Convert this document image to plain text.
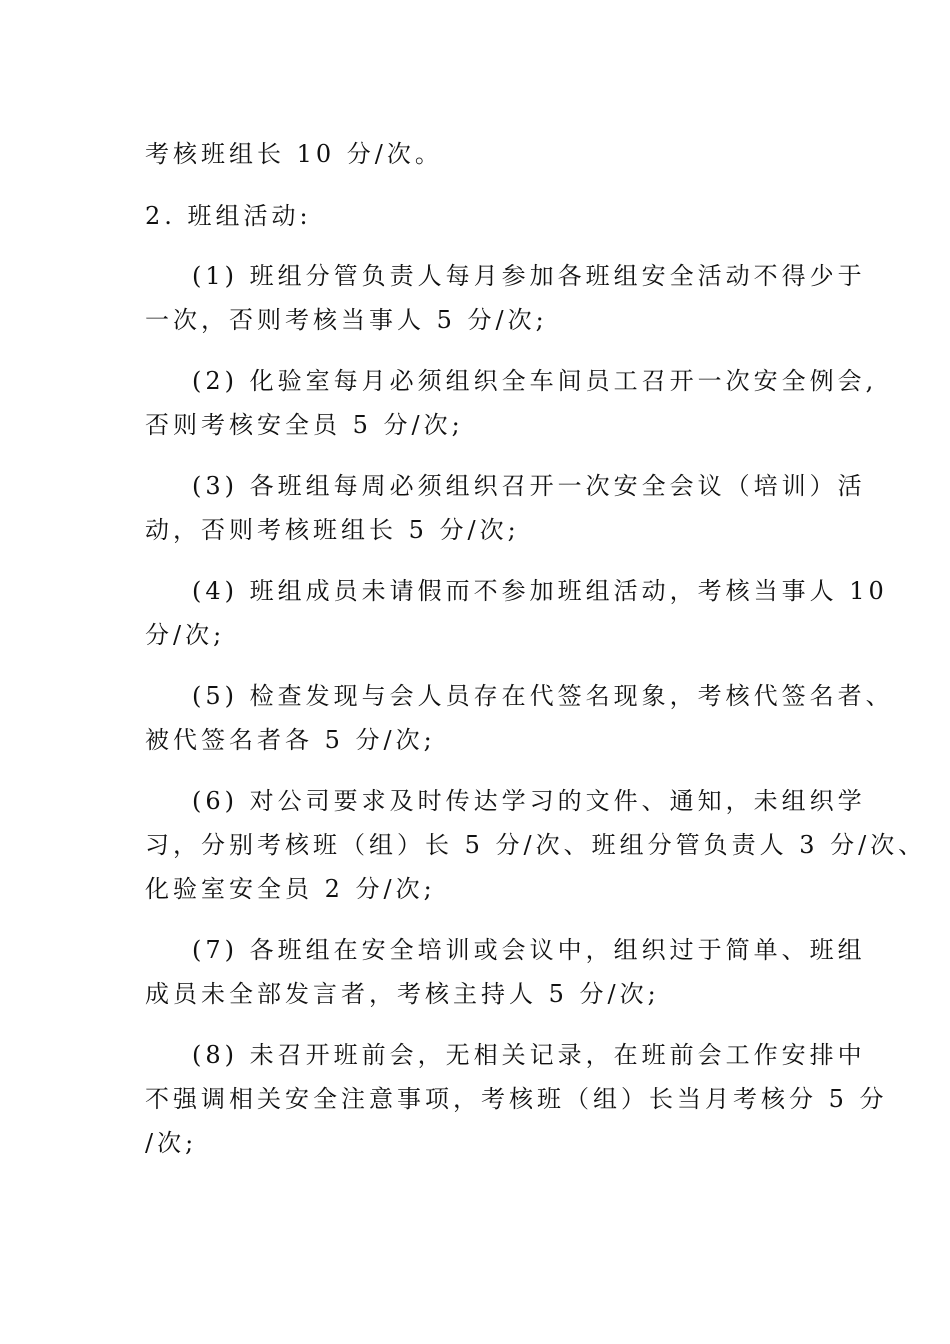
考核班组长 10 分/次。
2. 班组活动:
(1) 班组分管负责人每月参加各班组安全活动不得少于
一次，否则考核当事人 5 分/次;
(2) 化验室每月必须组织全车间员工召开一次安全例会,
否则考核安全员 5 分/次;
(3) 各班组每周必须组织召开一次安全会议（培训）活
动，否则考核班组长 5 分/次;
(4) 班组成员未请假而不参加班组活动，考核当事人 10
分/次;
(5) 检查发现与会人员存在代签名现象，考核代签名者、
被代签名者各 5 分/次;
(6) 对公司要求及时传达学习的文件、通知，未组织学
习，分别考核班（组）长 5 分/次、班组分管负责人 3 分/次、
化验室安全员 2 分/次;
(7) 各班组在安全培训或会议中，组织过于简单、班组
成员未全部发言者，考核主持人 5 分/次;
(8) 未召开班前会，无相关记录，在班前会工作安排中
不强调相关安全注意事项，考核班（组）长当月考核分 5 分
/次;
